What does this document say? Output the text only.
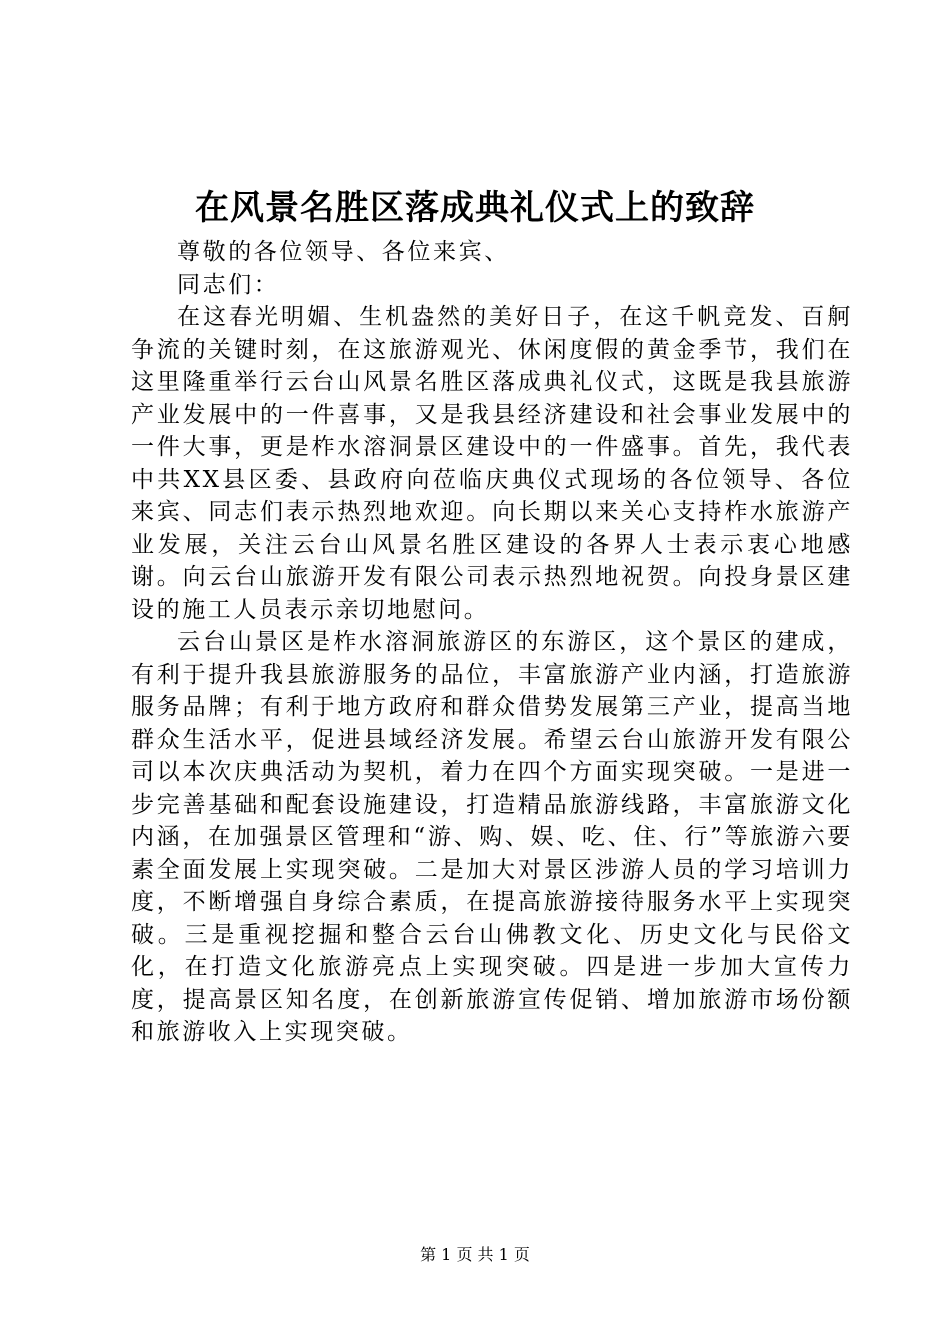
在风景名胜区落成典礼仪式上的致辞

尊敬的各位领导、各位来宾、

同志们：

在这春光明媚、生机盎然的美好日子，在这千帆竞发、百舸争流的关键时刻，在这旅游观光、休闲度假的黄金季节，我们在这里隆重举行云台山风景名胜区落成典礼仪式，这既是我县旅游产业发展中的一件喜事，又是我县经济建设和社会事业发展中的一件大事，更是柞水溶洞景区建设中的一件盛事。首先，我代表中共XX县区委、县政府向莅临庆典仪式现场的各位领导、各位来宾、同志们表示热烈地欢迎。向长期以来关心支持柞水旅游产业发展，关注云台山风景名胜区建设的各界人士表示衷心地感谢。向云台山旅游开发有限公司表示热烈地祝贺。向投身景区建设的施工人员表示亲切地慰问。

云台山景区是柞水溶洞旅游区的东游区，这个景区的建成，有利于提升我县旅游服务的品位，丰富旅游产业内涵，打造旅游服务品牌；有利于地方政府和群众借势发展第三产业，提高当地群众生活水平，促进县域经济发展。希望云台山旅游开发有限公司以本次庆典活动为契机，着力在四个方面实现突破。一是进一步完善基础和配套设施建设，打造精品旅游线路，丰富旅游文化内涵，在加强景区管理和“游、购、娱、吃、住、行”等旅游六要素全面发展上实现突破。二是加大对景区涉游人员的学习培训力度，不断增强自身综合素质，在提高旅游接待服务水平上实现突破。三是重视挖掘和整合云台山佛教文化、历史文化与民俗文化，在打造文化旅游亮点上实现突破。四是进一步加大宣传力度，提高景区知名度，在创新旅游宣传促销、增加旅游市场份额和旅游收入上实现突破。

第 1 页 共 1 页
